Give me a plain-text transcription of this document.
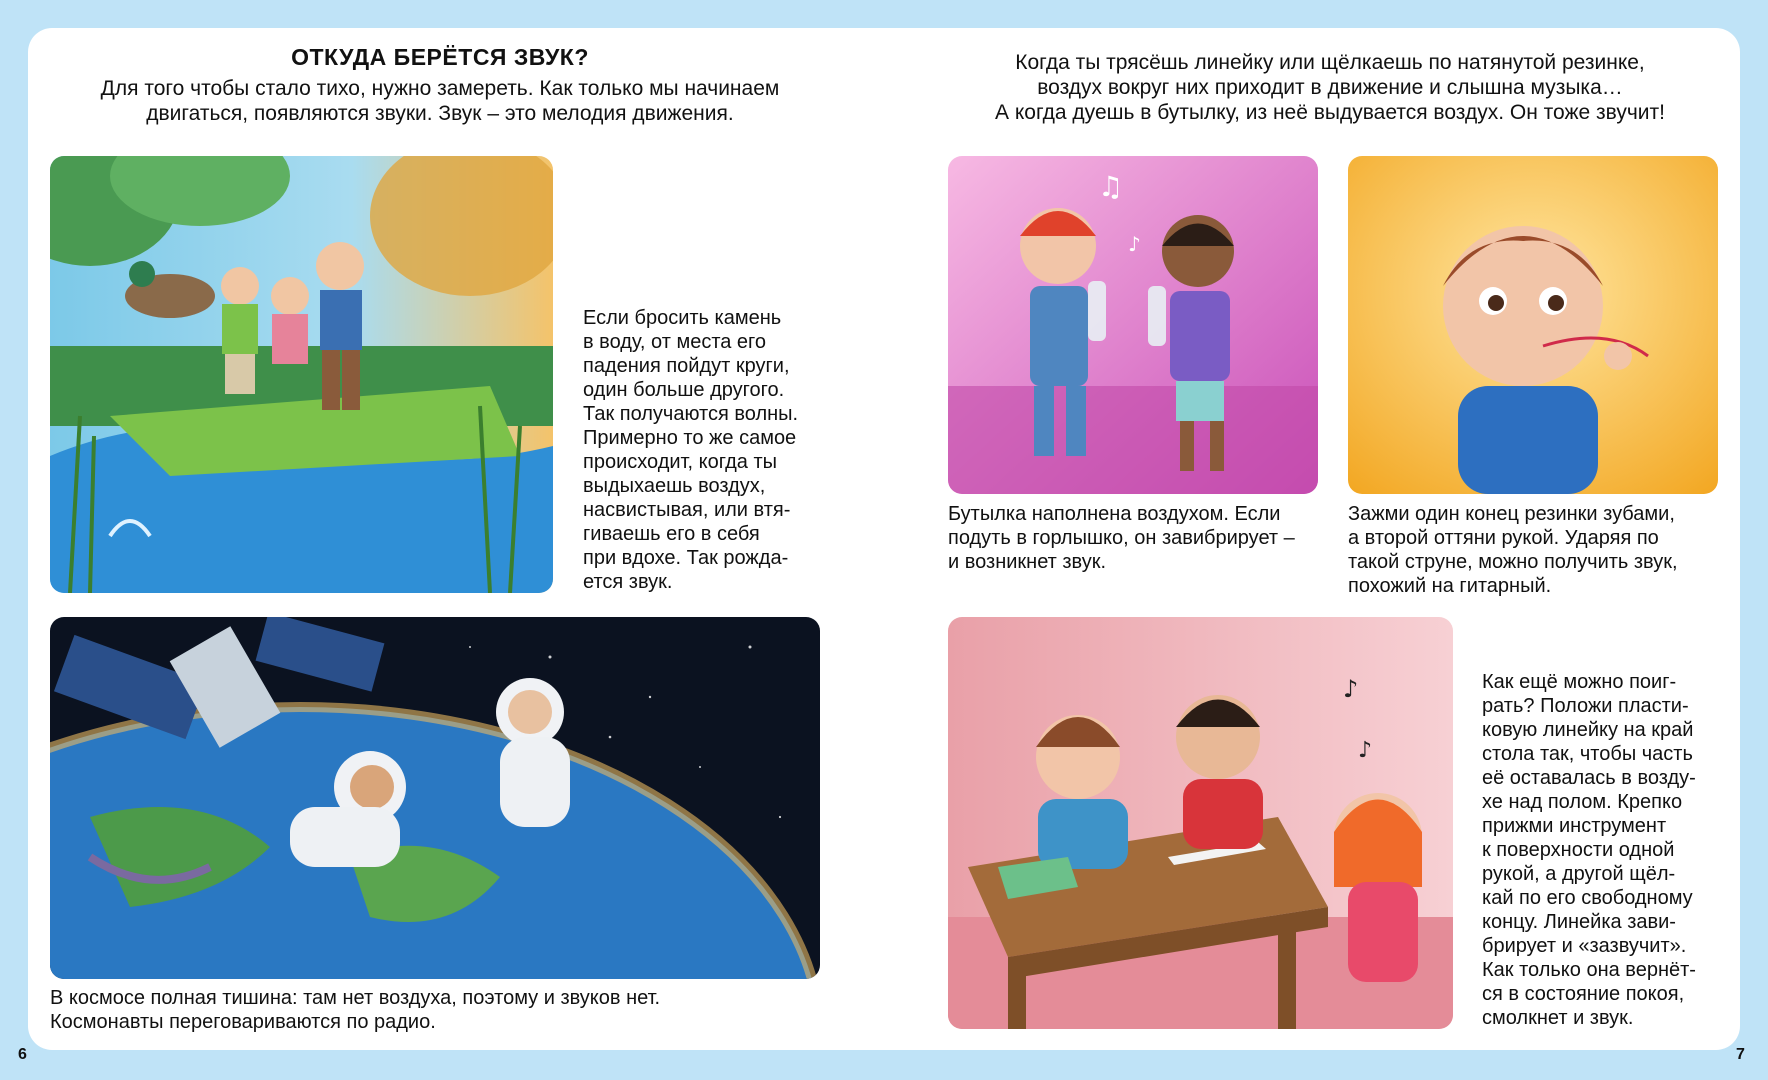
ОТКУДА БЕРЁТСЯ ЗВУК?
Для того чтобы стало тихо, нужно замереть. Как только мы начинаем
двигаться, появляются звуки. Звук – это мелодия движения.
Если бросить камень
в воду, от места его
падения пойдут круги,
один больше другого.
Так получаются волны.
Примерно то же самое
происходит, когда ты
выдыхаешь воздух,
насвистывая, или втя-
гиваешь его в себя
при вдохе. Так рожда-
ется звук.
В космосе полная тишина: там нет воздуха, поэтому и звуков нет.
Космонавты переговариваются по радио.
6
Когда ты трясёшь линейку или щёлкаешь по натянутой резинке,
воздух вокруг них приходит в движение и слышна музыка…
А когда дуешь в бутылку, из неё выдувается воздух. Он тоже звучит!
♫
♪
Бутылка наполнена воздухом. Если
подуть в горлышко, он завибрирует –
и возникнет звук.
Зажми один конец резинки зубами,
а второй оттяни рукой. Ударяя по
такой струне, можно получить звук,
похожий на гитарный.
♪
♪
Как ещё можно поиг-
рать? Положи пласти-
ковую линейку на край
стола так, чтобы часть
её оставалась в возду-
хе над полом. Крепко
прижми инструмент
к поверхности одной
рукой, а другой щёл-
кай по его свободному
концу. Линейка зави-
брирует и «зазвучит».
Как только она вернёт-
ся в состояние покоя,
смолкнет и звук.
7
